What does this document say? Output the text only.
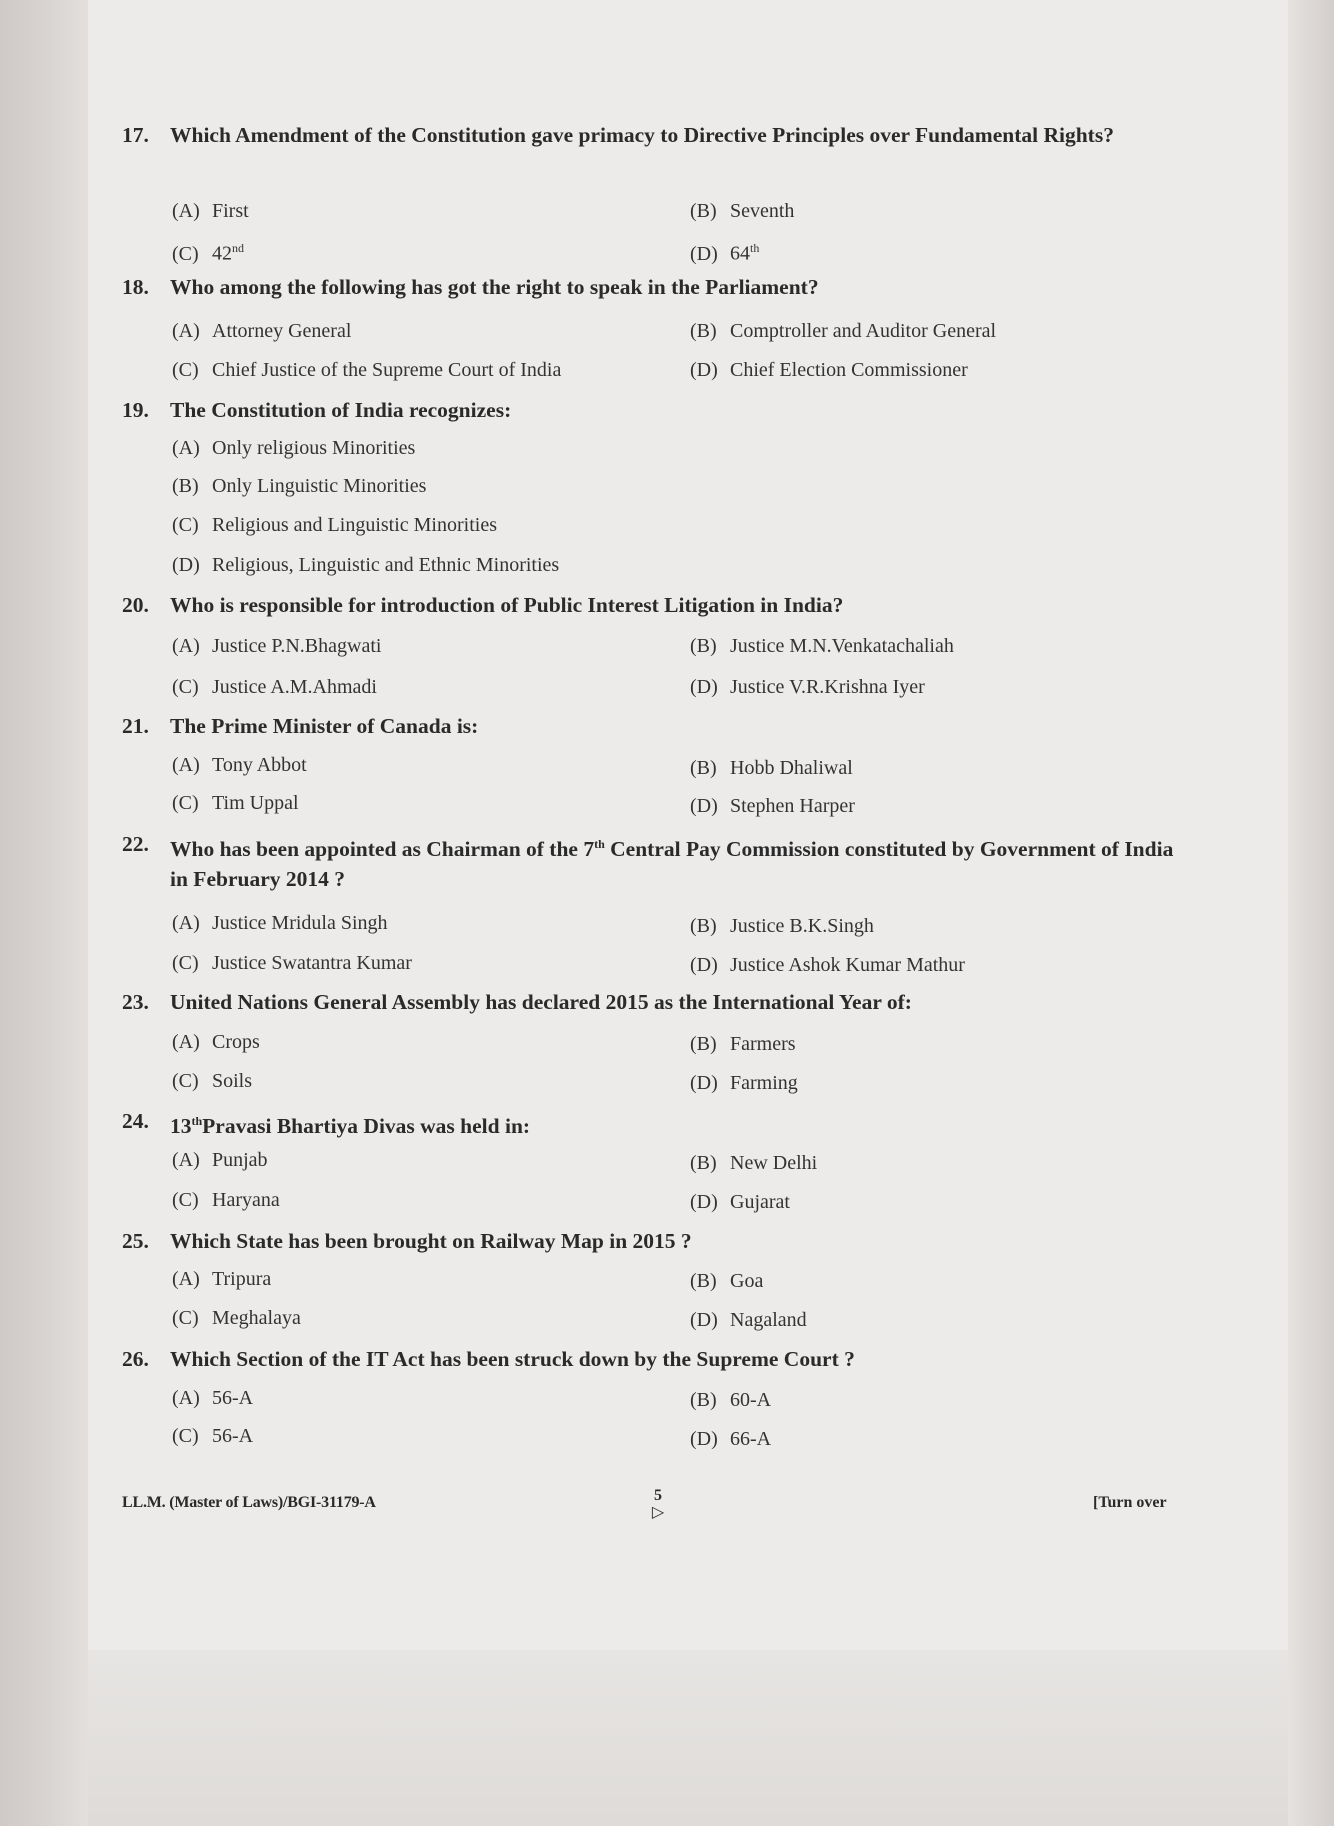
17. Which Amendment of the Constitution gave primacy to Directive Principles over Fundamental Rights?
(A) First	(B) Seventh
(C) 42nd	(D) 64th
18. Who among the following has got the right to speak in the Parliament?
(A) Attorney General	(B) Comptroller and Auditor General
(C) Chief Justice of the Supreme Court of India	(D) Chief Election Commissioner
19. The Constitution of India recognizes:
(A) Only religious Minorities
(B) Only Linguistic Minorities
(C) Religious and Linguistic Minorities
(D) Religious, Linguistic and Ethnic Minorities
20. Who is responsible for introduction of Public Interest Litigation in India?
(A) Justice P.N.Bhagwati	(B) Justice M.N.Venkatachaliah
(C) Justice A.M.Ahmadi	(D) Justice V.R.Krishna Iyer
21. The Prime Minister of Canada is:
(A) Tony Abbot	(B) Hobb Dhaliwal
(C) Tim Uppal	(D) Stephen Harper
22. Who has been appointed as Chairman of the 7th Central Pay Commission constituted by Government of India in February 2014 ?
(A) Justice Mridula Singh	(B) Justice B.K.Singh
(C) Justice Swatantra Kumar	(D) Justice Ashok Kumar Mathur
23. United Nations General Assembly has declared 2015 as the International Year of:
(A) Crops	(B) Farmers
(C) Soils	(D) Farming
24. 13thPravasi Bhartiya Divas was held in:
(A) Punjab	(B) New Delhi
(C) Haryana	(D) Gujarat
25. Which State has been brought on Railway Map in 2015 ?
(A) Tripura	(B) Goa
(C) Meghalaya	(D) Nagaland
26. Which Section of the IT Act has been struck down by the Supreme Court ?
(A) 56-A	(B) 60-A
(C) 56-A	(D) 66-A
LL.M. (Master of Laws)/BGI-31179-A	5
▷
[Turn over
